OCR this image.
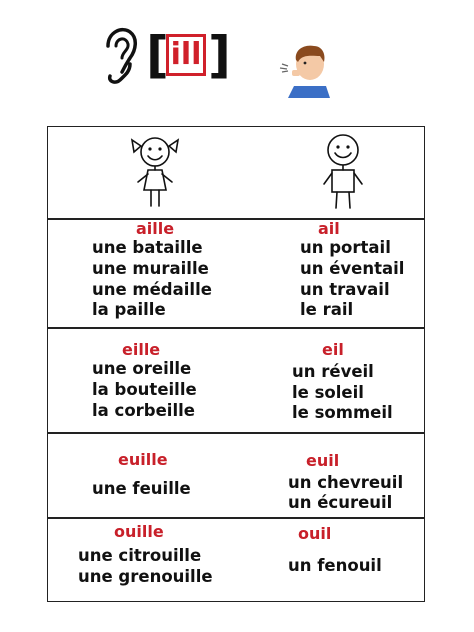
[ ill ]
aille
une bataille
une muraille
une médaille
la paille
ail
un portail
un éventail
un travail
le rail
eille
une oreille
la bouteille
la corbeille
eil
un réveil
le soleil
le sommeil
euille
une feuille
euil
un chevreuil
un écureuil
ouille
une citrouille
une grenouille
ouil
un fenouil
